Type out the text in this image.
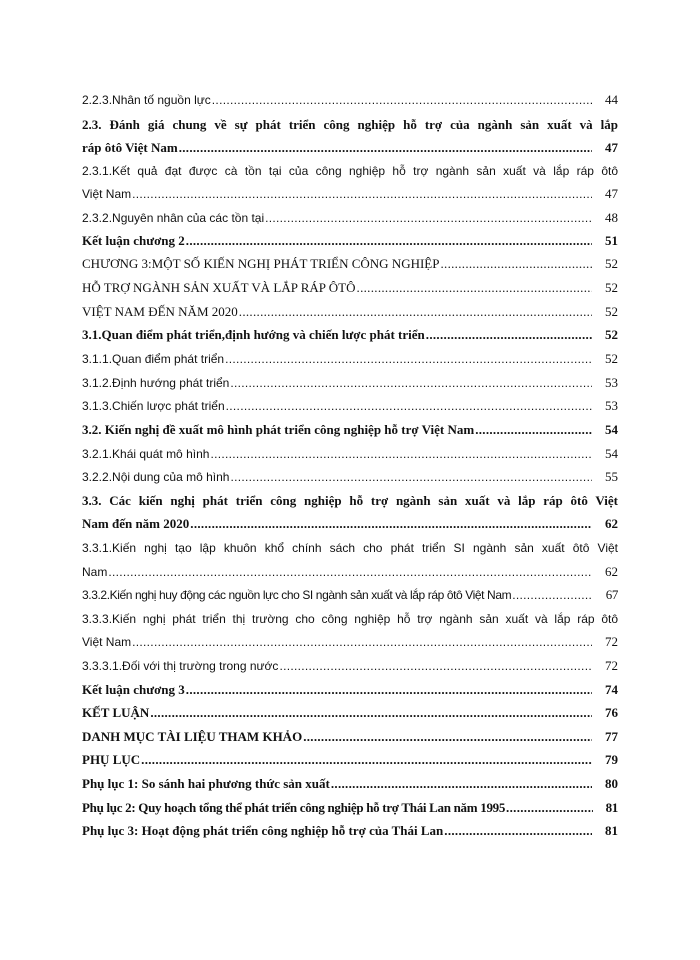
2.2.3.Nhân tố nguồn lực .....	44
2.3. Đánh giá chung về sự phát triển công nghiệp hỗ trợ của ngành sản xuất và lắp
ráp ôtô Việt Nam .....	47
2.3.1.Kết quả đạt được cà tồn tại của công nghiệp hỗ trợ ngành sản xuất và lắp ráp ôtô
Việt Nam .....	47
2.3.2.Nguyên nhân của các tồn tại .....	48
Kết luận chương 2 .....	51
CHƯƠNG 3:MỘT SỐ KIẾN NGHỊ PHÁT TRIỂN CÔNG NGHIỆP .....	52
HỖ TRỢ NGÀNH SẢN XUẤT VÀ LẮP RÁP ÔTÔ .....	52
VIỆT NAM ĐẾN NĂM 2020 .....	52
3.1.Quan điểm phát triển,định hướng và chiến lược phát triển .....	52
3.1.1.Quan điểm phát triển .....	52
3.1.2.Định hướng phát triển .....	53
3.1.3.Chiến lược phát triển .....	53
3.2. Kiến nghị đề xuất mô hình phát triển công nghiệp hỗ trợ Việt Nam .....	54
3.2.1.Khái quát mô hình .....	54
3.2.2.Nội dung của mô hình .....	55
3.3. Các kiến nghị phát triển công nghiệp hỗ trợ ngành sản xuất và lắp ráp ôtô Việt
Nam đến năm 2020 .....	62
3.3.1.Kiến nghị tạo lập khuôn khổ chính sách cho phát triển SI ngành sản xuất ôtô Việt
Nam .....	62
3.3.2.Kiến nghị huy động các nguồn lực cho SI ngành sản xuất và lắp ráp ôtô Việt Nam .....	67
3.3.3.Kiến nghị phát triển thị trường cho công nghiệp hỗ trợ ngành sản xuất và lắp ráp ôtô
Việt Nam .....	72
3.3.3.1.Đối với thị trường trong nước .....	72
Kết luận chương 3 .....	74
KẾT LUẬN .....	76
DANH MỤC TÀI LIỆU THAM KHẢO .....	77
PHỤ LỤC .....	79
Phụ lục 1: So sánh hai phương thức sản xuất .....	80
Phụ lục 2: Quy hoạch tổng thể phát triển công nghiệp hỗ trợ Thái Lan năm 1995 .....	81
Phụ lục 3: Hoạt động phát triển công nghiệp hỗ trợ của Thái Lan .....	81
